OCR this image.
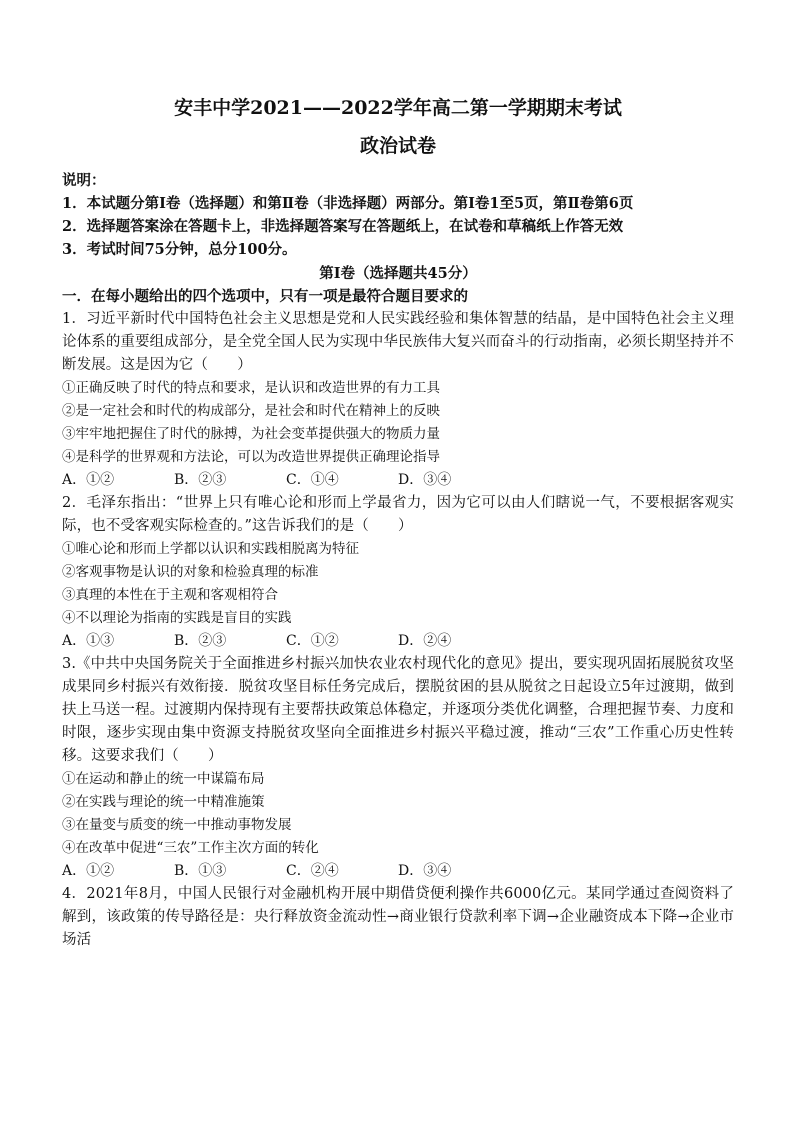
安丰中学2021——2022学年高二第一学期期末考试
政治试卷
说明：
1．本试题分第Ⅰ卷（选择题）和第Ⅱ卷（非选择题）两部分。第Ⅰ卷1至5页，第Ⅱ卷第6页
2．选择题答案涂在答题卡上，非选择题答案写在答题纸上，在试卷和草稿纸上作答无效
3．考试时间75分钟，总分100分。
第Ⅰ卷（选择题共45分）
一．在每小题给出的四个选项中，只有一项是最符合题目要求的

1．习近平新时代中国特色社会主义思想是党和人民实践经验和集体智慧的结晶，是中国特色社会主义理论体系的重要组成部分，是全党全国人民为实现中华民族伟大复兴而奋斗的行动指南，必须长期坚持并不断发展。这是因为它（　　）

①正确反映了时代的特点和要求，是认识和改造世界的有力工具

②是一定社会和时代的构成部分，是社会和时代在精神上的反映

③牢牢地把握住了时代的脉搏，为社会变革提供强大的物质力量

④是科学的世界观和方法论，可以为改造世界提供正确理论指导

A．①②	B．②③	C．①④	D．③④

2．毛泽东指出：“世界上只有唯心论和形而上学最省力，因为它可以由人们瞎说一气，不要根据客观实际，也不受客观实际检查的。”这告诉我们的是（　　）

①唯心论和形而上学都以认识和实践相脱离为特征

②客观事物是认识的对象和检验真理的标准

③真理的本性在于主观和客观相符合

④不以理论为指南的实践是盲目的实践

A．①③	B．②③	C．①②	D．②④

3.《中共中央国务院关于全面推进乡村振兴加快农业农村现代化的意见》提出，要实现巩固拓展脱贫攻坚成果同乡村振兴有效衔接．脱贫攻坚目标任务完成后，摆脱贫困的县从脱贫之日起设立5年过渡期，做到扶上马送一程。过渡期内保持现有主要帮扶政策总体稳定，并逐项分类优化调整，合理把握节奏、力度和时限，逐步实现由集中资源支持脱贫攻坚向全面推进乡村振兴平稳过渡，推动“三农”工作重心历史性转移。这要求我们（　　）

①在运动和静止的统一中谋篇布局

②在实践与理论的统一中精准施策

③在量变与质变的统一中推动事物发展

④在改革中促进“三农”工作主次方面的转化

A．①②	B．①③	C．②④	D．③④

4．2021年8月，中国人民银行对金融机构开展中期借贷便利操作共6000亿元。某同学通过查阅资料了解到，该政策的传导路径是：央行释放资金流动性→商业银行贷款利率下调→企业融资成本下降→企业市场活
